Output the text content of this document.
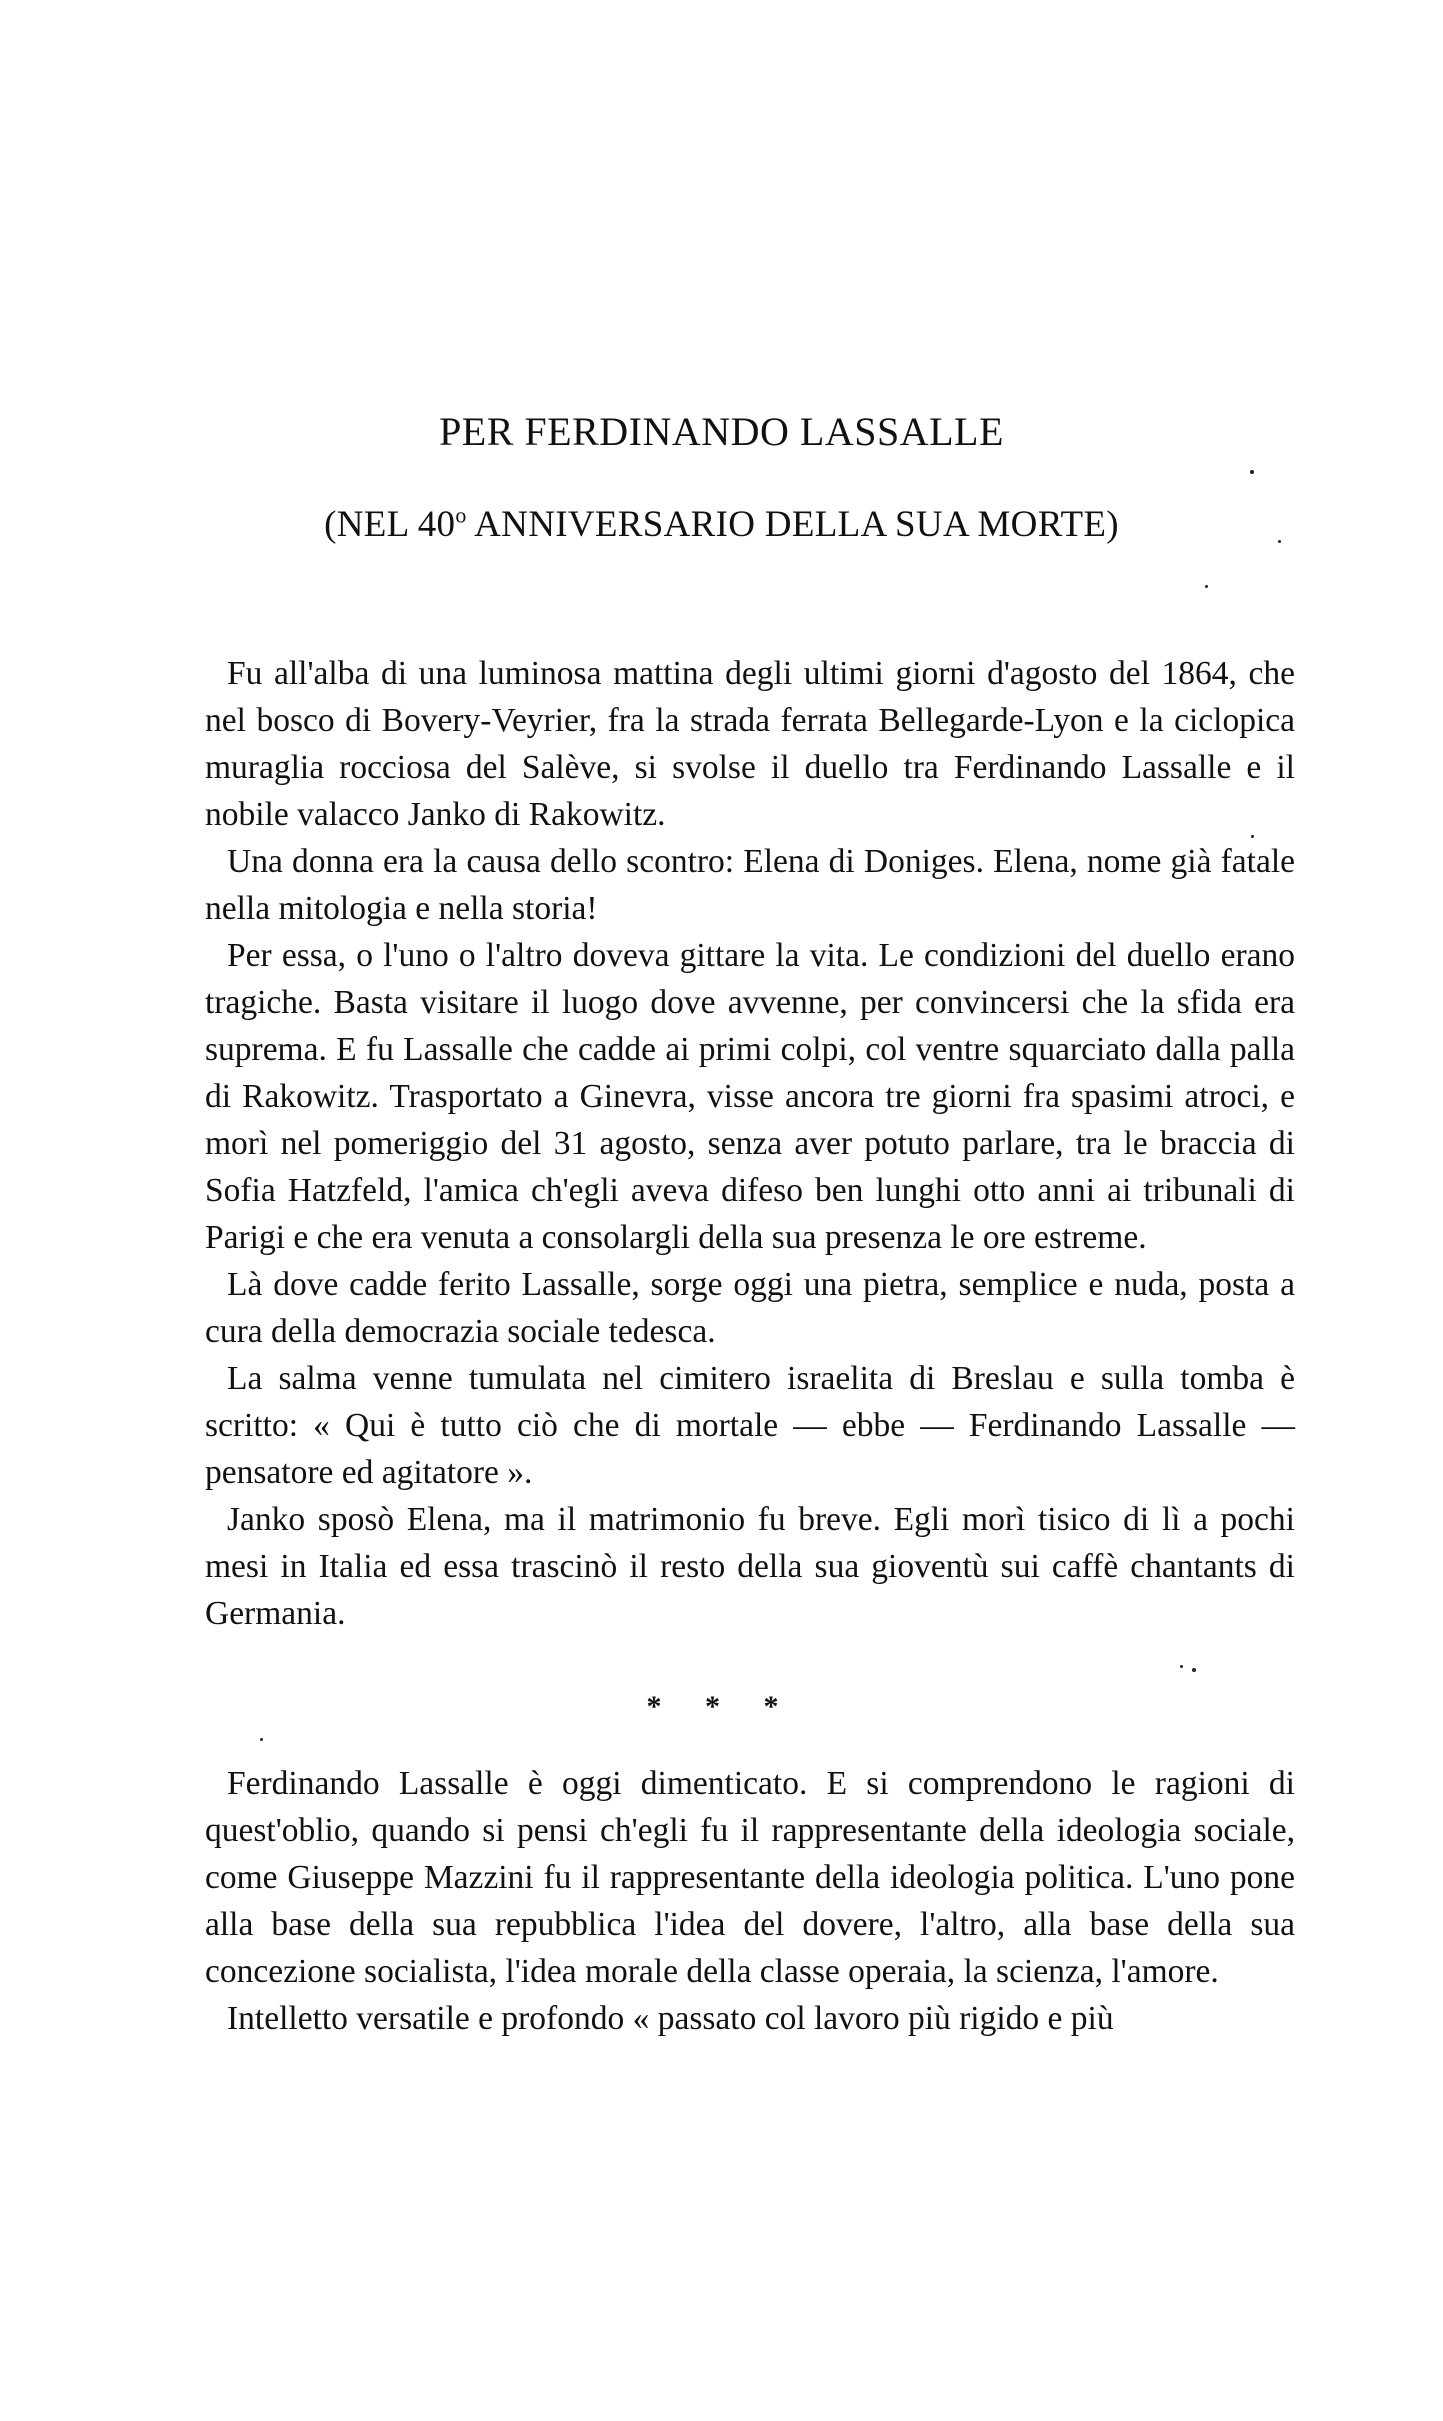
PER FERDINANDO LASSALLE
(NEL 40$^o$ ANNIVERSARIO DELLA SUA MORTE)

Fu all'alba di una luminosa mattina degli ultimi giorni d'agosto del 1864, che nel bosco di Bovery-Veyrier, fra la strada ferrata Bellegarde-Lyon e la ciclopica muraglia rocciosa del Salève, si svolse il duello tra Ferdinando Lassalle e il nobile valacco Janko di Rakowitz.

Una donna era la causa dello scontro: Elena di Doniges. Elena, nome già fatale nella mitologia e nella storia!

Per essa, o l'uno o l'altro doveva gittare la vita. Le condizioni del duello erano tragiche. Basta visitare il luogo dove avvenne, per convincersi che la sfida era suprema. E fu Lassalle che cadde ai primi colpi, col ventre squarciato dalla palla di Rakowitz. Trasportato a Ginevra, visse ancora tre giorni fra spasimi atroci, e morì nel pomeriggio del 31 agosto, senza aver potuto parlare, tra le braccia di Sofia Hatzfeld, l'amica ch'egli aveva difeso ben lunghi otto anni ai tribunali di Parigi e che era venuta a consolargli della sua presenza le ore estreme.

Là dove cadde ferito Lassalle, sorge oggi una pietra, semplice e nuda, posta a cura della democrazia sociale tedesca.

La salma venne tumulata nel cimitero israelita di Breslau e sulla tomba è scritto: « Qui è tutto ciò che di mortale — ebbe — Ferdinando Lassalle — pensatore ed agitatore ».

Janko sposò Elena, ma il matrimonio fu breve. Egli morì tisico di lì a pochi mesi in Italia ed essa trascinò il resto della sua gioventù sui caffè chantants di Germania.

* * *

Ferdinando Lassalle è oggi dimenticato. E si comprendono le ragioni di quest'oblio, quando si pensi ch'egli fu il rappresentante della ideologia sociale, come Giuseppe Mazzini fu il rappresentante della ideologia politica. L'uno pone alla base della sua repubblica l'idea del dovere, l'altro, alla base della sua concezione socialista, l'idea morale della classe operaia, la scienza, l'amore.

Intelletto versatile e profondo « passato col lavoro più rigido e più
